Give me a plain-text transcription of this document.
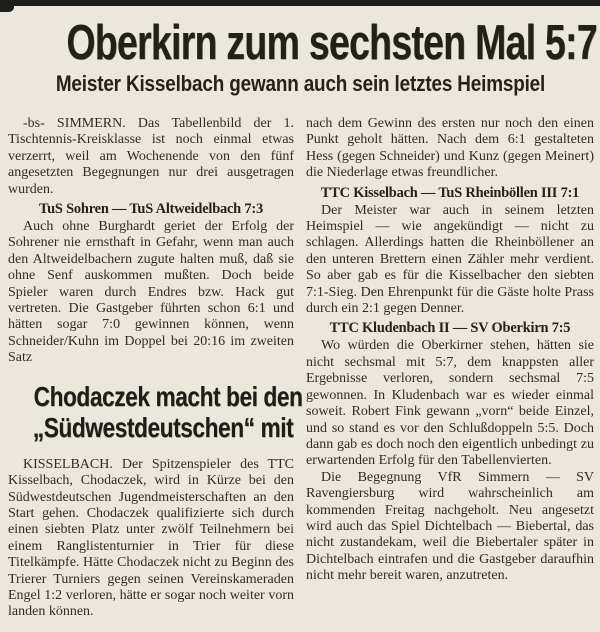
Oberkirn zum sechsten Mal 5:7
Meister Kisselbach gewann auch sein letztes Heimspiel

-bs- SIMMERN. Das Tabellenbild der 1. Tischtennis-Kreisklasse ist noch einmal etwas verzerrt, weil am Wochenende von den fünf angesetzten Begegnungen nur drei ausgetragen wurden.

TuS Sohren — TuS Altweidelbach 7:3

Auch ohne Burghardt geriet der Erfolg der Sohrener nie ernsthaft in Gefahr, wenn man auch den Altweidelbachern zugute halten muß, daß sie ohne Senf auskommen mußten. Doch beide Spieler waren durch Endres bzw. Hack gut vertreten. Die Gastgeber führten schon 6:1 und hätten sogar 7:0 gewinnen können, wenn Schneider/Kuhn im Doppel bei 20:16 im zweiten Satz

Chodaczek macht bei den
„Südwestdeutschen“ mit

KISSELBACH. Der Spitzenspieler des TTC Kisselbach, Chodaczek, wird in Kürze bei den Südwestdeutschen Jugendmeisterschaften an den Start gehen. Chodaczek qualifizierte sich durch einen siebten Platz unter zwölf Teilnehmern bei einem Ranglistenturnier in Trier für diese Titelkämpfe. Hätte Chodaczek nicht zu Beginn des Trierer Turniers gegen seinen Vereinskameraden Engel 1:2 verloren, hätte er sogar noch weiter vorn landen können.

nach dem Gewinn des ersten nur noch den einen Punkt geholt hätten. Nach dem 6:1 gestalteten Hess (gegen Schneider) und Kunz (gegen Meinert) die Niederlage etwas freundlicher.

TTC Kisselbach — TuS Rheinböllen III 7:1

Der Meister war auch in seinem letzten Heimspiel — wie angekündigt — nicht zu schlagen. Allerdings hatten die Rheinböllener an den unteren Brettern einen Zähler mehr verdient. So aber gab es für die Kisselbacher den siebten 7:1-Sieg. Den Ehrenpunkt für die Gäste holte Prass durch ein 2:1 gegen Denner.

TTC Kludenbach II — SV Oberkirn 7:5

Wo würden die Oberkirner stehen, hätten sie nicht sechsmal mit 5:7, dem knappsten aller Ergebnisse verloren, sondern sechsmal 7:5 gewonnen. In Kludenbach war es wieder einmal soweit. Robert Fink gewann „vorn“ beide Einzel, und so stand es vor den Schlußdoppeln 5:5. Doch dann gab es doch noch den eigentlich unbedingt zu erwartenden Erfolg für den Tabellenvierten.

Die Begegnung VfR Simmern — SV Ravengiersburg wird wahrscheinlich am kommenden Freitag nachgeholt. Neu angesetzt wird auch das Spiel Dichtelbach — Biebertal, das nicht zustandekam, weil die Biebertaler später in Dichtelbach eintrafen und die Gastgeber daraufhin nicht mehr bereit waren, anzutreten.
